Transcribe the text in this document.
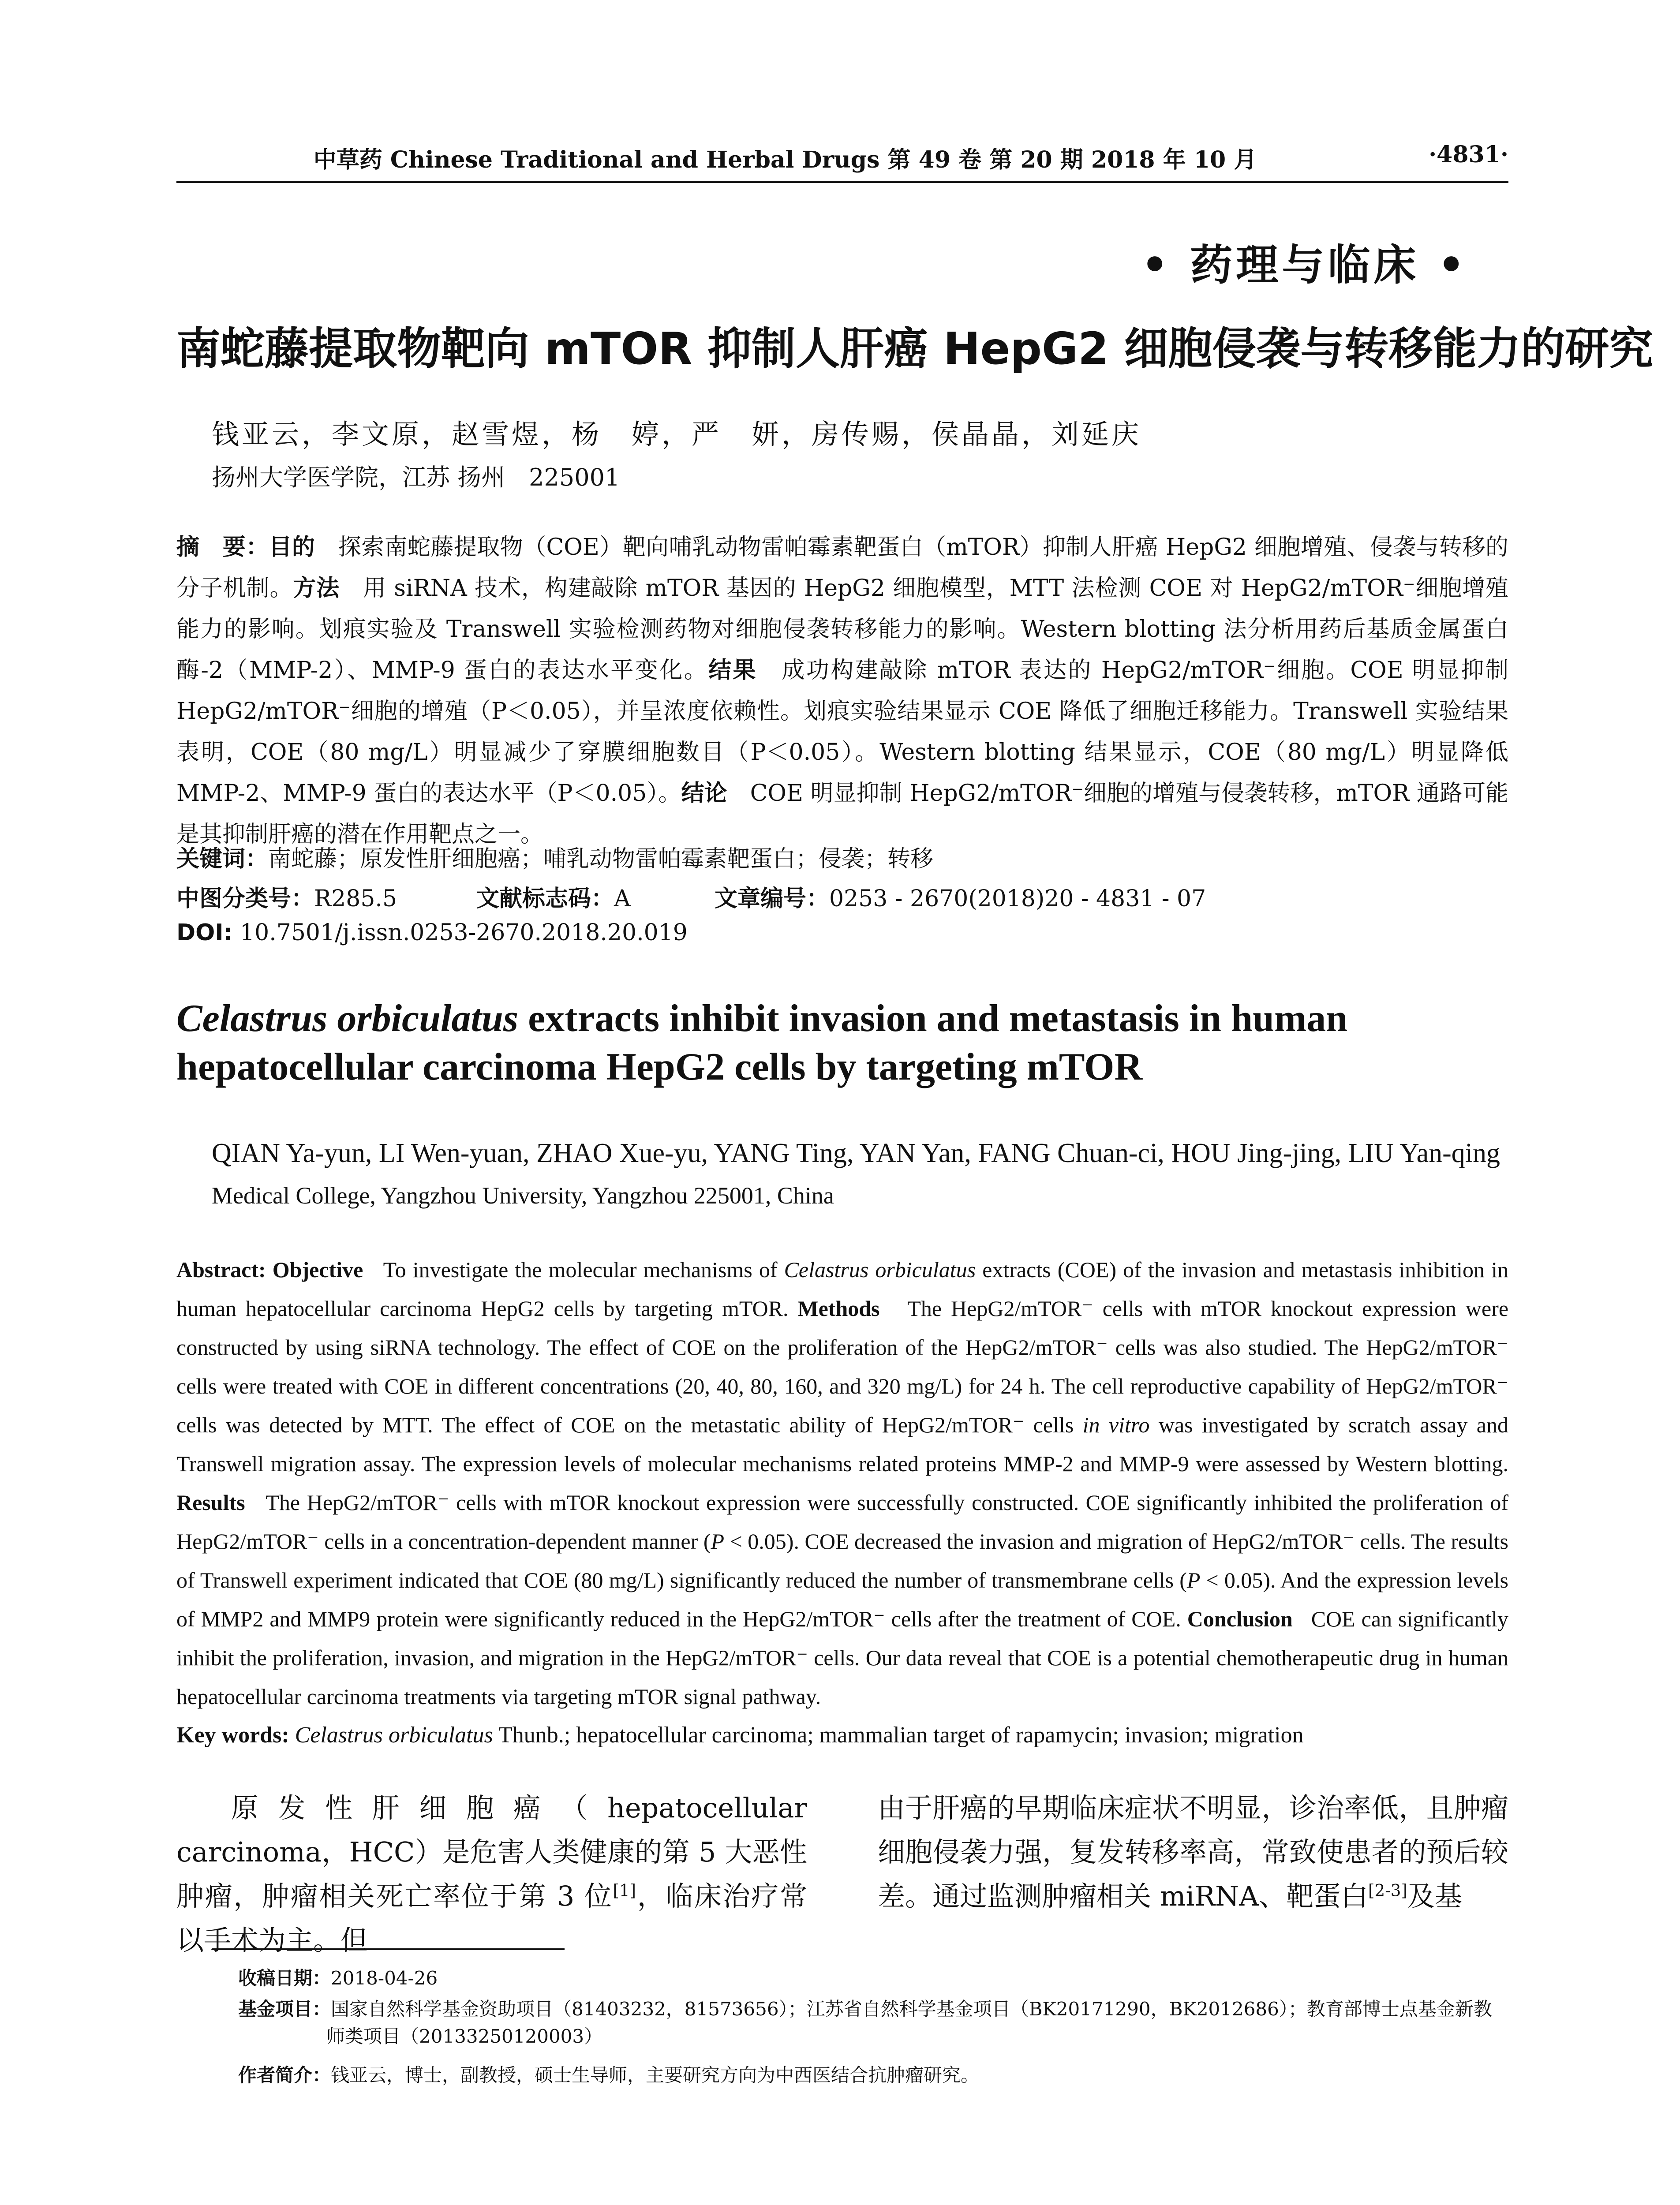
中草药 Chinese Traditional and Herbal Drugs 第 49 卷 第 20 期 2018 年 10 月	·4831·
• 药理与临床 •
南蛇藤提取物靶向 mTOR 抑制人肝癌 HepG2 细胞侵袭与转移能力的研究
钱亚云，李文原，赵雪煜，杨　婷，严　妍，房传赐，侯晶晶，刘延庆
扬州大学医学院，江苏 扬州　225001
摘　要：目的　 探索南蛇藤提取物（COE）靶向哺乳动物雷帕霉素靶蛋白（mTOR）抑制人肝癌 HepG2 细胞增殖、侵袭与转移的分子机制。方法　 用 siRNA 技术，构建敲除 mTOR 基因的 HepG2 细胞模型，MTT 法检测 COE 对 HepG2/mTOR⁻细胞增殖能力的影响。划痕实验及 Transwell 实验检测药物对细胞侵袭转移能力的影响。Western blotting 法分析用药后基质金属蛋白酶-2（MMP-2）、MMP-9 蛋白的表达水平变化。结果　 成功构建敲除 mTOR 表达的 HepG2/mTOR⁻细胞。COE 明显抑制 HepG2/mTOR⁻细胞的增殖（P＜0.05），并呈浓度依赖性。划痕实验结果显示 COE 降低了细胞迁移能力。Transwell 实验结果表明，COE（80 mg/L）明显减少了穿膜细胞数目（P＜0.05）。Western blotting 结果显示，COE（80 mg/L）明显降低 MMP-2、MMP-9 蛋白的表达水平（P＜0.05）。结论　 COE 明显抑制 HepG2/mTOR⁻细胞的增殖与侵袭转移，mTOR 通路可能是其抑制肝癌的潜在作用靶点之一。
关键词：南蛇藤；原发性肝细胞癌；哺乳动物雷帕霉素靶蛋白；侵袭；转移
中图分类号：R285.5	文献标志码：A	文章编号：0253 - 2670(2018)20 - 4831 - 07
DOI: 10.7501/j.issn.0253-2670.2018.20.019
Celastrus orbiculatus extracts inhibit invasion and metastasis in human hepatocellular carcinoma HepG2 cells by targeting mTOR
QIAN Ya-yun, LI Wen-yuan, ZHAO Xue-yu, YANG Ting, YAN Yan, FANG Chuan-ci, HOU Jing-jing, LIU Yan-qing
Medical College, Yangzhou University, Yangzhou 225001, China
Abstract: Objective To investigate the molecular mechanisms of Celastrus orbiculatus extracts (COE) of the invasion and metastasis inhibition in human hepatocellular carcinoma HepG2 cells by targeting mTOR. Methods The HepG2/mTOR⁻ cells with mTOR knockout expression were constructed by using siRNA technology. The effect of COE on the proliferation of the HepG2/mTOR⁻ cells was also studied. The HepG2/mTOR⁻ cells were treated with COE in different concentrations (20, 40, 80, 160, and 320 mg/L) for 24 h. The cell reproductive capability of HepG2/mTOR⁻ cells was detected by MTT. The effect of COE on the metastatic ability of HepG2/mTOR⁻ cells in vitro was investigated by scratch assay and Transwell migration assay. The expression levels of molecular mechanisms related proteins MMP-2 and MMP-9 were assessed by Western blotting. Results The HepG2/mTOR⁻ cells with mTOR knockout expression were successfully constructed. COE significantly inhibited the proliferation of HepG2/mTOR⁻ cells in a concentration-dependent manner (P < 0.05). COE decreased the invasion and migration of HepG2/mTOR⁻ cells. The results of Transwell experiment indicated that COE (80 mg/L) significantly reduced the number of transmembrane cells (P < 0.05). And the expression levels of MMP2 and MMP9 protein were significantly reduced in the HepG2/mTOR⁻ cells after the treatment of COE. Conclusion COE can significantly inhibit the proliferation, invasion, and migration in the HepG2/mTOR⁻ cells. Our data reveal that COE is a potential chemotherapeutic drug in human hepatocellular carcinoma treatments via targeting mTOR signal pathway.
Key words: Celastrus orbiculatus Thunb.; hepatocellular carcinoma; mammalian target of rapamycin; invasion; migration
原发性肝细胞癌（hepatocellular carcinoma，HCC）是危害人类健康的第 5 大恶性肿瘤，肿瘤相关死亡率位于第 3 位[1]，临床治疗常以手术为主。但
由于肝癌的早期临床症状不明显，诊治率低，且肿瘤细胞侵袭力强，复发转移率高，常致使患者的预后较差。通过监测肿瘤相关 miRNA、靶蛋白[2-3]及基
收稿日期：2018-04-26
基金项目：国家自然科学基金资助项目（81403232，81573656）；江苏省自然科学基金项目（BK20171290，BK2012686）；教育部博士点基金新教师类项目（20133250120003）
作者简介：钱亚云，博士，副教授，硕士生导师，主要研究方向为中西医结合抗肿瘤研究。
